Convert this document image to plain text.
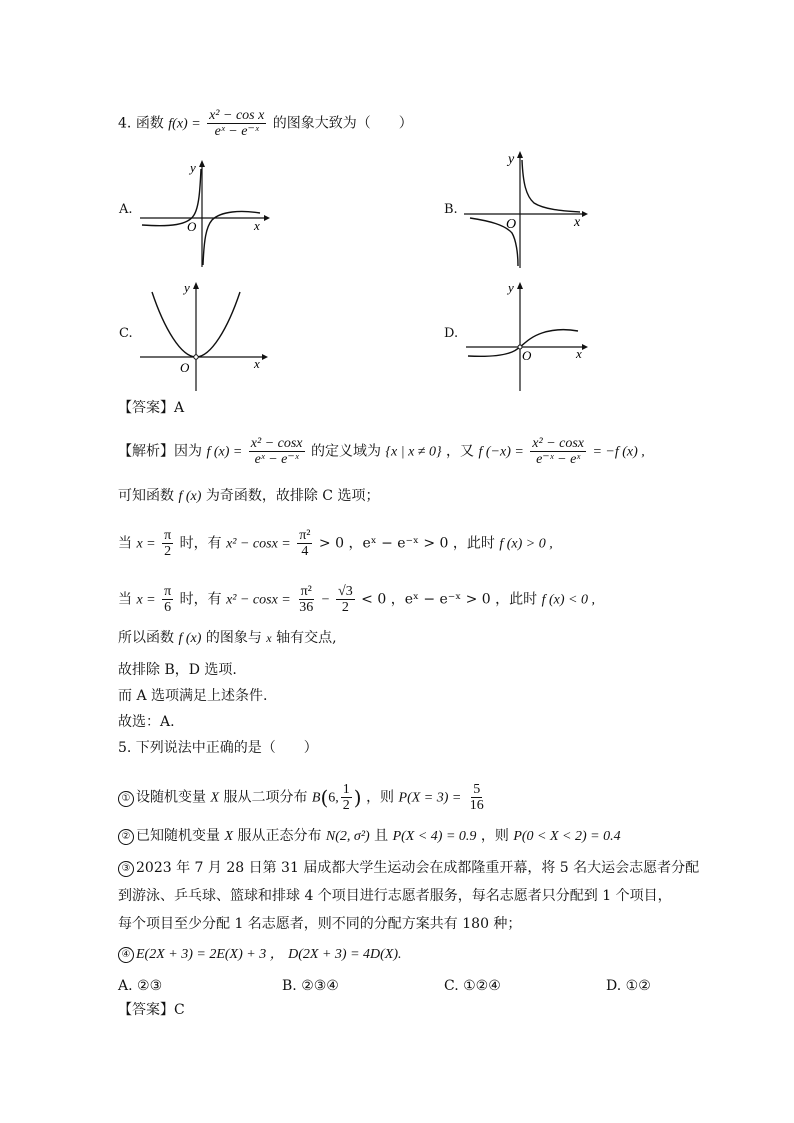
4. 函数 $f(x) = \frac{\text{x² − cos x}}{\text{eˣ − e⁻ˣ}}$ 的图象大致为（　　）
A.
y
x
O
B.
y
x
O
C.
y
x
O
D.
y
x
O
【答案】A
【解析】因为 f $(x) = \frac{\text{x² − cosx}}{\text{eˣ − e⁻ˣ}}$ 的定义域为 {x | x ≠ 0} ，又 f $(-x) = \frac{\text{x² − cosx}}{\text{e⁻ˣ − eˣ}} = -f$ (x) ,
可知函数 f (x) 为奇函数，故排除 C 选项；
当 $x = \frac{\pi}{2}$ 时，有 $x^2 - \cos x = \frac{\text{π²}}{4} > 0$ ，eˣ − e⁻ˣ > 0 ，此时 f (x) > 0 ,
当 $x = \frac{\pi}{6}$ 时，有 $x^2 - \cos x = \frac{\text{π²}}{36} - \frac{√3}{2} < 0$ ，eˣ − e⁻ˣ > 0 ，此时 f (x) < 0 ,
所以函数 f (x) 的图象与 x 轴有交点,
故排除 B，D 选项.
而 A 选项满足上述条件.
故选：A.
5. 下列说法中正确的是（　　）
① 设随机变量 X 服从二项分布 B(6, $\frac{1}{2}$ ) ，则 $P(X = 3) = \frac{5}{16}$
② 已知随机变量 X 服从正态分布 N(2, σ²) 且 P(X < 4) = 0.9 ，则 P(0 < X < 2) = 0.4
③ 2023 年 7 月 28 日第 31 届成都大学生运动会在成都隆重开幕，将 5 名大运会志愿者分配
到游泳、乒乓球、篮球和排球 4 个项目进行志愿者服务，每名志愿者只分配到 1 个项目，
每个项目至少分配 1 名志愿者，则不同的分配方案共有 180 种；
④ E(2X + 3) = 2E(X) + 3 ， D(2X + 3) = 4D(X).
A. ②③	B. ②③④	C. ①②④	D. ①②
【答案】C
